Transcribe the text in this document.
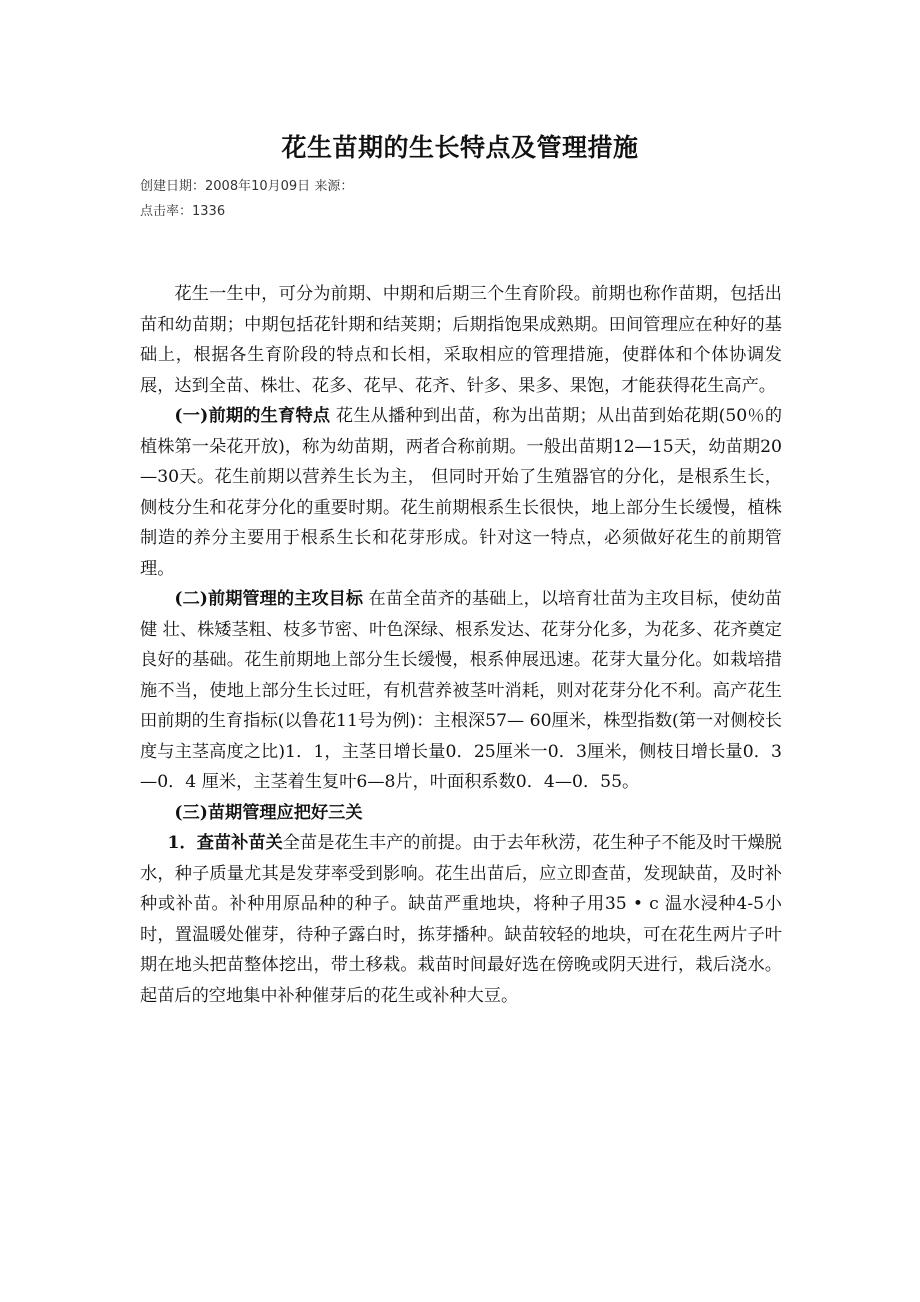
花生苗期的生长特点及管理措施
创建日期：2008年10月09日 来源：
点击率：1336

花生一生中，可分为前期、中期和后期三个生育阶段。前期也称作苗期，包括出苗和幼苗期；中期包括花针期和结荚期；后期指饱果成熟期。田间管理应在种好的基础上，根据各生育阶段的特点和长相，采取相应的管理措施，使群体和个体协调发展，达到全苗、株壮、花多、花早、花齐、针多、果多、果饱，才能获得花生高产。

(一)前期的生育特点 花生从播种到出苗，称为出苗期；从出苗到始花期(50％的植株第一朵花开放)，称为幼苗期，两者合称前期。一般出苗期12—15天，幼苗期20—30天。花生前期以营养生长为主， 但同时开始了生殖器官的分化，是根系生长，侧枝分生和花芽分化的重要时期。花生前期根系生长很快，地上部分生长缓慢，植株制造的养分主要用于根系生长和花芽形成。针对这一特点，必须做好花生的前期管理。

(二)前期管理的主攻目标 在苗全苗齐的基础上，以培育壮苗为主攻目标，使幼苗健 壮、株矮茎粗、枝多节密、叶色深绿、根系发达、花芽分化多，为花多、花齐奠定良好的基础。花生前期地上部分生长缓慢，根系伸展迅速。花芽大量分化。如栽培措施不当，使地上部分生长过旺，有机营养被茎叶消耗，则对花芽分化不利。高产花生田前期的生育指标(以鲁花11号为例)：主根深57— 60厘米，株型指数(第一对侧校长度与主茎高度之比)1．1，主茎日增长量0．25厘米一0．3厘米，侧枝日增长量0．3—0．4 厘米，主茎着生复叶6—8片，叶面积系数0．4—0．55。

(三)苗期管理应把好三关

1．查苗补苗关全苗是花生丰产的前提。由于去年秋涝，花生种子不能及时干燥脱水，种子质量尤其是发芽率受到影响。花生出苗后，应立即查苗，发现缺苗，及时补种或补苗。补种用原品种的种子。缺苗严重地块，将种子用35 • c 温水浸种4-5小时，置温暖处催芽，待种子露白时，拣芽播种。缺苗较轻的地块，可在花生两片子叶期在地头把苗整体挖出，带土移栽。栽苗时间最好选在傍晚或阴天进行，栽后浇水。起苗后的空地集中补种催芽后的花生或补种大豆。
